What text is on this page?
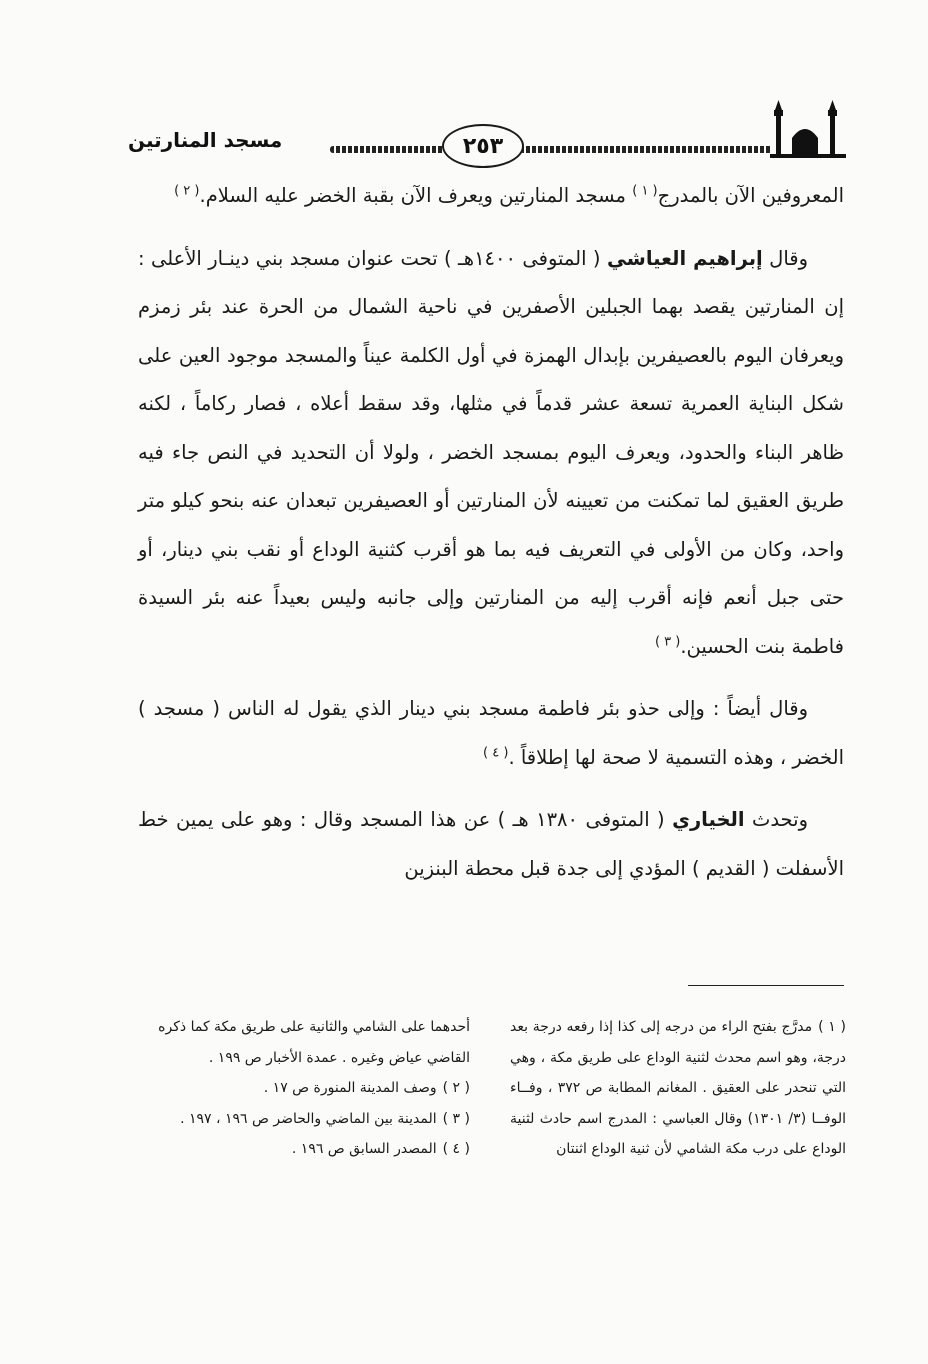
٢٥٣
مسجد المنارتين

المعروفين الآن بالمدرج$^{( ١ )}$ مسجد المنارتين ويعرف الآن بقبة الخضر عليه السلام.$^{( ٢ )}$

وقال إبراهيم العياشي ( المتوفى ١٤٠٠هـ ) تحت عنوان مسجد بني دينـار الأعلى : إن المنارتين يقصد بهما الجبلين الأصفرين في ناحية الشمال من الحرة عند بئر زمزم ويعرفان اليوم بالعصيفرين بإبدال الهمزة في أول الكلمة عيناً والمسجد موجود العين على شكل البناية العمرية تسعة عشر قدماً في مثلها، وقد سقط أعلاه ، فصار ركاماً ، لكنه ظاهر البناء والحدود، ويعرف اليوم بمسجد الخضر ، ولولا أن التحديد في النص جاء فيه طريق العقيق لما تمكنت من تعيينه لأن المنارتين أو العصيفرين تبعدان عنه بنحو كيلو متر واحد، وكان من الأولى في التعريف فيه بما هو أقرب كثنية الوداع أو نقب بني دينار، أو حتى جبل أنعم فإنه أقرب إليه من المنارتين وإلى جانبه وليس بعيداً عنه بئر السيدة فاطمة بنت الحسين.$^{( ٣ )}$

وقال أيضاً : وإلى حذو بئر فاطمة مسجد بني دينار الذي يقول له الناس ( مسجد ) الخضر ، وهذه التسمية لا صحة لها إطلاقاً .$^{( ٤ )}$

وتحدث الخياري ( المتوفى ١٣٨٠ هـ ) عن هذا المسجد وقال : وهو على يمين خط الأسفلت ( القديم ) المؤدي إلى جدة قبل محطة البنزين

( ١ )مدرَّج بفتح الراء من درجه إلى كذا إذا رفعه درجة بعد درجة، وهو اسم محدث لثنية الوداع على طريق مكة ، وهي التي تنحدر على العقيق . المغانم المطابة ص ٣٧٢ ، وفــاء الوفــا (٣/ ١٣٠١) وقال العباسي : المدرج اسم حادث لثنية الوداع على درب مكة الشامي لأن ثنية الوداع اثنتان

أحدهما على الشامي والثانية على طريق مكة كما ذكره القاضي عياض وغيره . عمدة الأخبار ص ١٩٩ .

( ٢ )وصف المدينة المنورة ص ١٧ .

( ٣ )المدينة بين الماضي والحاضر ص ١٩٦ ، ١٩٧ .

( ٤ )المصدر السابق ص ١٩٦ .
